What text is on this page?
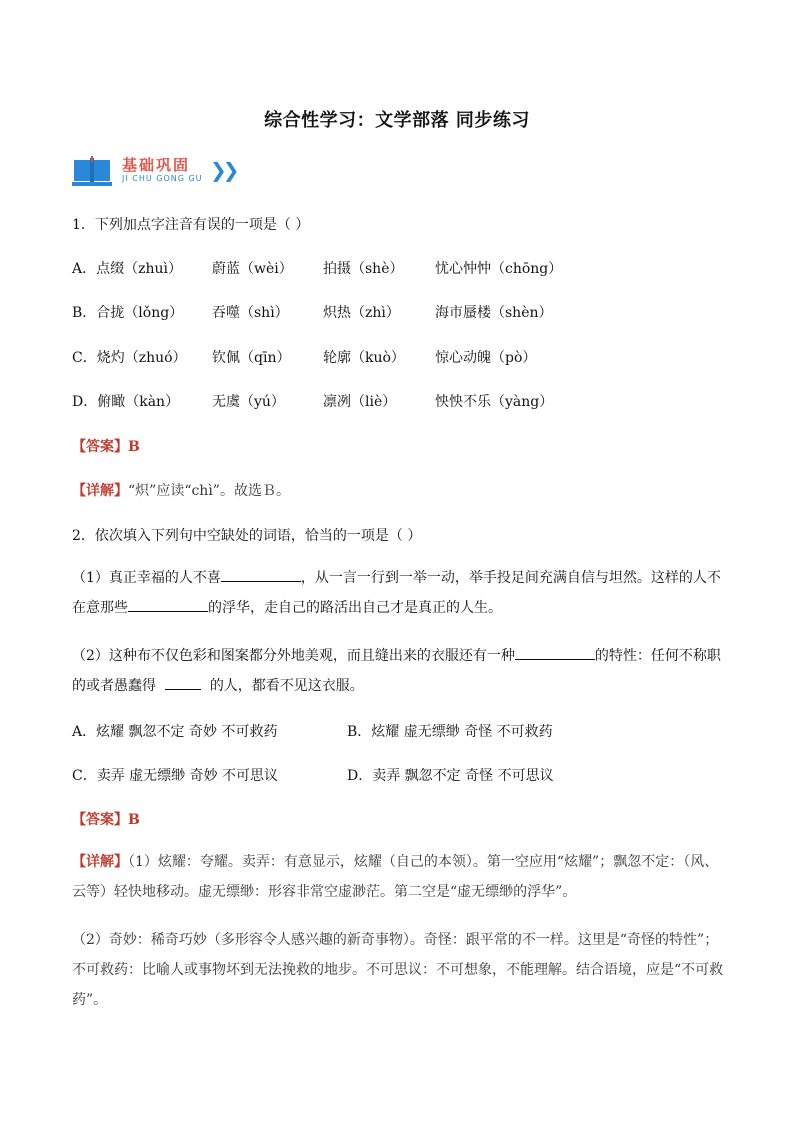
综合性学习：文学部落 同步练习
基础巩固
JI CHU GONG GU ❯❯
1．下列加点字注音有误的一项是（ ）
A．点缀（zhuì） 蔚蓝（wèi） 拍摄（shè） 忧心忡忡（chōng）
B．合拢（lǒng） 吞噬（shì） 炽热（zhì）	海市蜃楼（shèn）
C．烧灼（zhuó） 钦佩（qīn） 轮廓（kuò） 惊心动魄（pò）
D．俯瞰（kàn） 无虞（yú）	凛冽（liè）	怏怏不乐（yàng）
【答案】B
【详解】“炽”应读“chì”。故选Ｂ。
2．依次填入下列句中空缺处的词语，恰当的一项是（ ）
（1）真正幸福的人不喜	，从一言一行到一举一动，举手投足间充满自信与坦然。这样的人不在意那些	的浮华，走自己的路活出自己才是真正的人生。
（2）这种布不仅色彩和图案都分外地美观，而且缝出来的衣服还有一种	的特性：任何不称职的或者愚蠢得	的人，都看不见这衣服。
A．炫耀 飘忽不定 奇妙 不可救药	B．炫耀 虚无缥缈 奇怪 不可救药
C．卖弄 虚无缥缈 奇妙 不可思议	D．卖弄 飘忽不定 奇怪 不可思议
【答案】B
【详解】（1）炫耀：夸耀。卖弄：有意显示，炫耀（自己的本领）。第一空应用“炫耀”；飘忽不定：（风、云等）轻快地移动。虚无缥缈：形容非常空虚渺茫。第二空是“虚无缥缈的浮华”。
（2）奇妙：稀奇巧妙（多形容令人感兴趣的新奇事物）。奇怪：跟平常的不一样。这里是“奇怪的特性”；不可救药：比喻人或事物坏到无法挽救的地步。不可思议：不可想象，不能理解。结合语境，应是“不可救药”。
